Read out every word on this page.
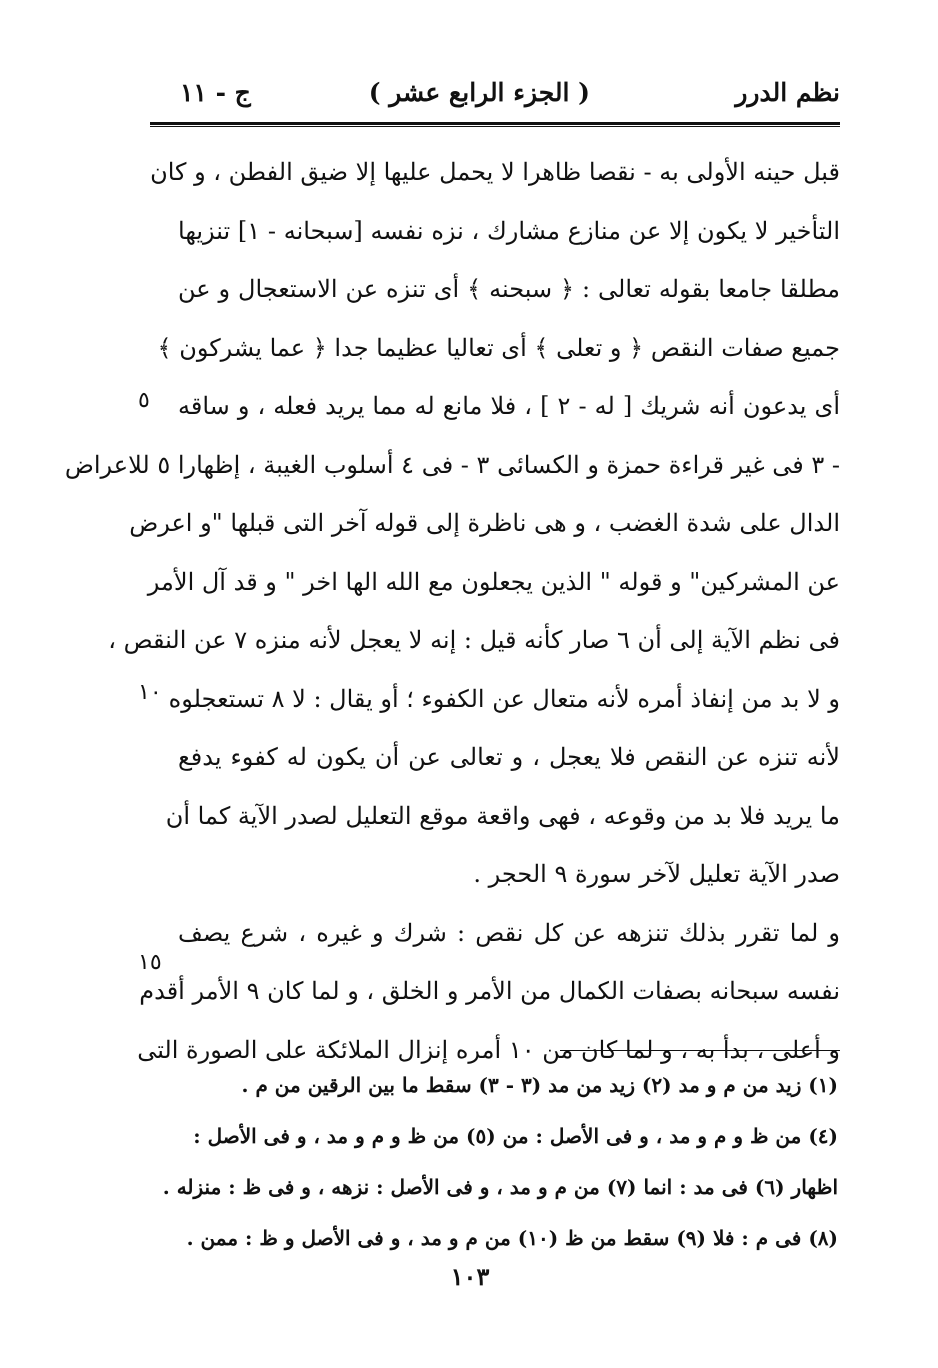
نظم الدرر
( الجزء الرابع عشر )
ج - ١١
قبل حينه الأولى به - نقصا ظاهرا لا يحمل عليها إلا ضيق الفطن ، و كان
التأخير لا يكون إلا عن منازع مشارك ، نزه نفسه [سبحانه - ١] تنزيها
مطلقا جامعا بقوله تعالى : ﴿ سبحنه ﴾ أى تنزه عن الاستعجال و عن
جميع صفات النقص ﴿ و تعلى ﴾ أى تعاليا عظيما جدا ﴿ عما يشركون ﴾
أى يدعون أنه شريك [ له - ٢ ] ، فلا مانع له مما يريد فعله ، و ساقه
- ٣ فى غير قراءة حمزة و الكسائى ٣ - فى ٤ أسلوب الغيبة ، إظهارا ٥ للاعراض
الدال على شدة الغضب ، و هى ناظرة إلى قوله آخر التى قبلها "و اعرض
عن المشركين" و قوله " الذين يجعلون مع الله الها اخر " و قد آل الأمر
فى نظم الآية إلى أن ٦ صار كأنه قيل : إنه لا يعجل لأنه منزه ٧ عن النقص ،
و لا بد من إنفاذ أمره لأنه متعال عن الكفوء ؛ أو يقال : لا ٨ تستعجلوه
لأنه تنزه عن النقص فلا يعجل ، و تعالى عن أن يكون له كفوء يدفع
ما يريد فلا بد من وقوعه ، فهى واقعة موقع التعليل لصدر الآية كما أن
صدر الآية تعليل لآخر سورة ٩ الحجر .
و لما تقرر بذلك تنزهه عن كل نقص : شرك و غيره ، شرع يصف
نفسه سبحانه بصفات الكمال من الأمر و الخلق ، و لما كان ٩ الأمر أقدم
و أعلى ، بدأ به ، و لما كان من ١٠ أمره إنزال الملائكة على الصورة التى
٥
١٠
١٥
(١) زيد من م و مد (٢) زيد من مد (٣ - ٣) سقط ما بين الرقين من م .
(٤) من ظ و م و مد ، و فى الأصل : من (٥) من ظ و م و مد ، و فى الأصل :
اظهار (٦) فى مد : انما (٧) من م و مد ، و فى الأصل : نزهه ، و فى ظ : منزله .
(٨) فى م : فلا (٩) سقط من ظ (١٠) من م و مد ، و فى الأصل و ظ : ممن .
١٠٣
